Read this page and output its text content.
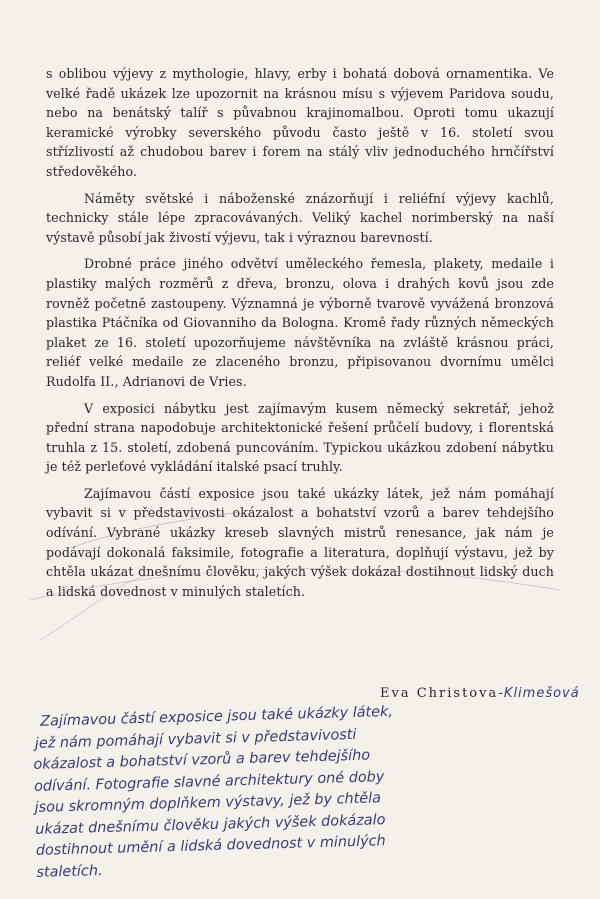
s oblibou výjevy z mythologie, hlavy, erby i bohatá dobová ornamentika. Ve velké řadě ukázek lze upozornit na krásnou mísu s výjevem Paridova soudu, nebo na benátský talíř s půvabnou krajinomalbou. Oproti tomu ukazují keramické výrobky severského původu často ještě v 16. století svou střízlivostí až chudobou barev i forem na stálý vliv jednoduchého hrnčířství středověkého.

Náměty světské i náboženské znázorňují i reliéfní výjevy kachlů, technicky stále lépe zpracovávaných. Veliký kachel norimberský na naší výstavě působí jak živostí výjevu, tak i výraznou barevností.

Drobné práce jiného odvětví uměleckého řemesla, plakety, medaile i plastiky malých rozměrů z dřeva, bronzu, olova i drahých kovů jsou zde rovněž početně zastoupeny. Významná je výborně tvarově vyvážená bronzová plastika Ptáčníka od Giovanniho da Bologna. Kromě řady různých německých plaket ze 16. století upozorňujeme návštěvníka na zvláště krásnou práci, reliéf velké medaile ze zlaceného bronzu, připisovanou dvornímu umělci Rudolfa II., Adrianovi de Vries.

V exposici nábytku jest zajímavým kusem německý sekretář, jehož přední strana napodobuje architektonické řešení průčelí budovy, i florentská truhla z 15. století, zdobená puncováním. Typickou ukázkou zdobení nábytku je též perleťové vykládání italské psací truhly.

Zajímavou částí exposice jsou také ukázky látek, jež nám pomáhají vybavit si v představivosti okázalost a bohatství vzorů a barev tehdejšího odívání. Vybrané ukázky kreseb slavných mistrů renesance, jak nám je podávají dokonalá faksimile, fotografie a literatura, doplňují výstavu, jež by chtěla ukázat dnešnímu člověku, jakých výšek dokázal dostihnout lidský duch a lidská dovednost v minulých staletích.

Eva Christova-Klimešová
Zajímavou částí exposice jsou také ukázky látek,
jež nám pomáhají vybavit si v představivosti
okázalost a bohatství vzorů a barev tehdejšího
odívání. Fotografie slavné architektury oné doby
jsou skromným doplňkem výstavy, jež by chtěla
ukázat dnešnímu člověku jakých výšek dokázalo
dostihnout umění a lidská dovednost v minulých
staletích.
